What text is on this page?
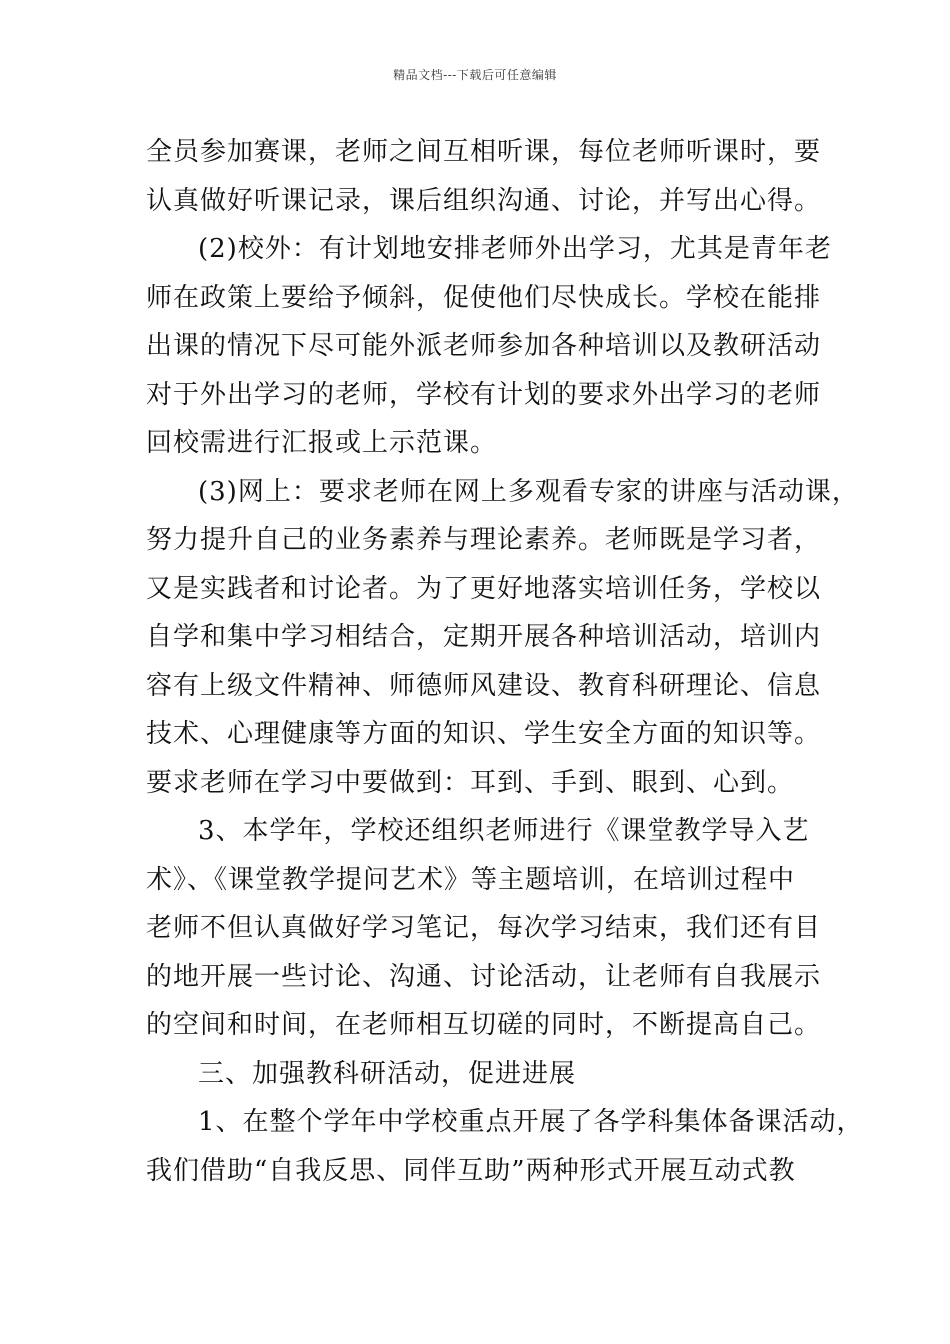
精品文档---下载后可任意编辑
全员参加赛课，老师之间互相听课，每位老师听课时，要
认真做好听课记录，课后组织沟通、讨论，并写出心得。
(2)校外：有计划地安排老师外出学习，尤其是青年老
师在政策上要给予倾斜，促使他们尽快成长。学校在能排
出课的情况下尽可能外派老师参加各种培训以及教研活动
对于外出学习的老师，学校有计划的要求外出学习的老师
回校需进行汇报或上示范课。
(3)网上：要求老师在网上多观看专家的讲座与活动课，
努力提升自己的业务素养与理论素养。老师既是学习者，
又是实践者和讨论者。为了更好地落实培训任务，学校以
自学和集中学习相结合，定期开展各种培训活动，培训内
容有上级文件精神、师德师风建设、教育科研理论、信息
技术、心理健康等方面的知识、学生安全方面的知识等。
要求老师在学习中要做到：耳到、手到、眼到、心到。
3、本学年，学校还组织老师进行《课堂教学导入艺
术》、《课堂教学提问艺术》等主题培训，在培训过程中
老师不但认真做好学习笔记，每次学习结束，我们还有目
的地开展一些讨论、沟通、讨论活动，让老师有自我展示
的空间和时间，在老师相互切磋的同时，不断提高自己。
三、加强教科研活动，促进进展
1、在整个学年中学校重点开展了各学科集体备课活动，
我们借助“自我反思、同伴互助”两种形式开展互动式教
